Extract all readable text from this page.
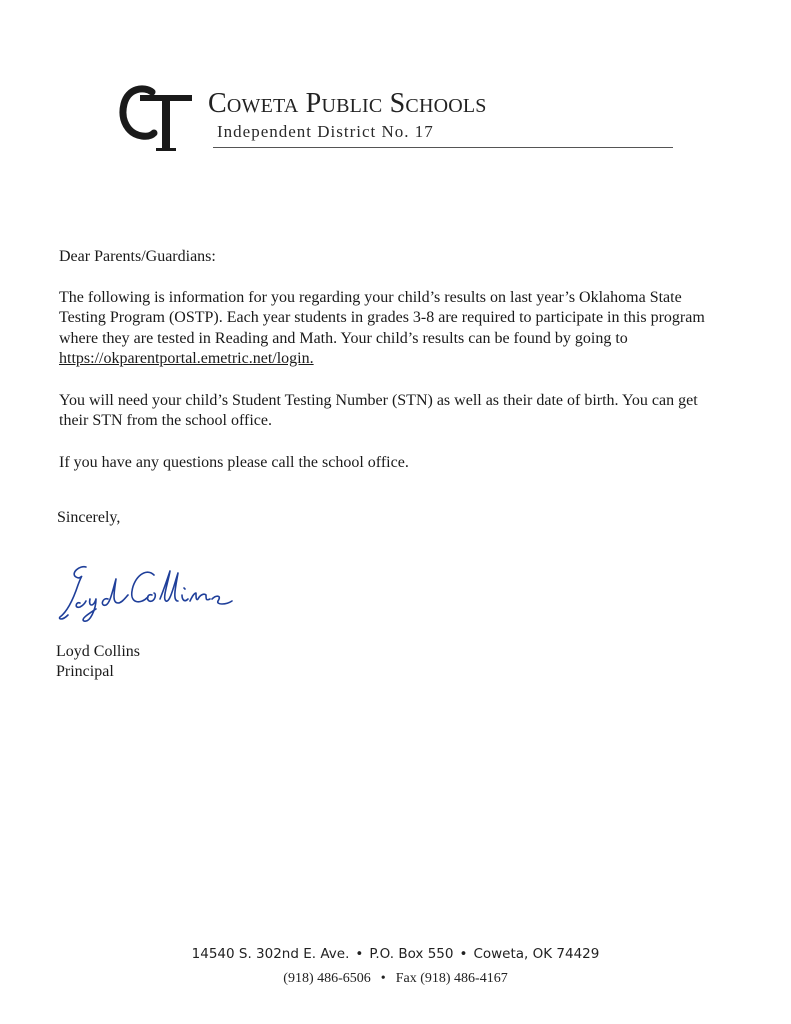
Coweta Public Schools
Independent District No. 17

Dear Parents/Guardians:

The following is information for you regarding your child’s results on last year’s Oklahoma State Testing Program (OSTP). Each year students in grades 3-8 are required to participate in this program where they are tested in Reading and Math. Your child’s results can be found by going to https://okparentportal.emetric.net/login.

You will need your child’s Student Testing Number (STN) as well as their date of birth. You can get their STN from the school office.

If you have any questions please call the school office.

Sincerely,
Loyd Collins
Principal
14540 S. 302nd E. Ave. • P.O. Box 550 • Coweta, OK 74429
(918) 486-6506 • Fax (918) 486-4167
